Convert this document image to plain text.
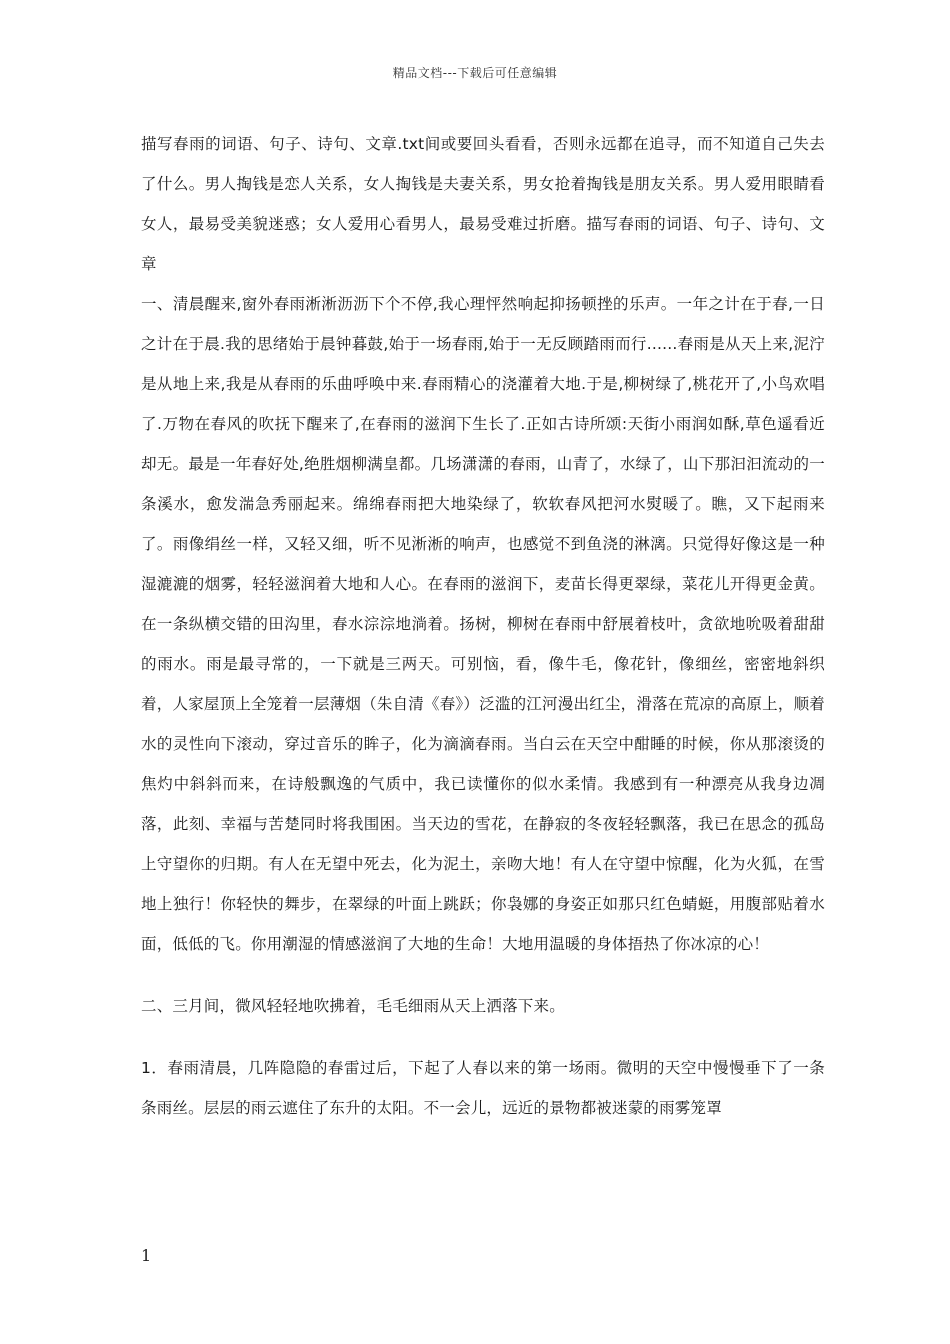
精品文档---下载后可任意编辑

描写春雨的词语、句子、诗句、文章.txt间或要回头看看，否则永远都在追寻，而不知道自己失去了什么。男人掏钱是恋人关系，女人掏钱是夫妻关系，男女抢着掏钱是朋友关系。男人爱用眼睛看女人，最易受美貌迷惑；女人爱用心看男人，最易受难过折磨。描写春雨的词语、句子、诗句、文章

一、清晨醒来,窗外春雨淅淅沥沥下个不停,我心理怦然响起抑扬顿挫的乐声。一年之计在于春,一日之计在于晨.我的思绪始于晨钟暮鼓,始于一场春雨,始于一无反顾踏雨而行......春雨是从天上来,泥泞是从地上来,我是从春雨的乐曲呼唤中来.春雨精心的浇灌着大地.于是,柳树绿了,桃花开了,小鸟欢唱了.万物在春风的吹抚下醒来了,在春雨的滋润下生长了.正如古诗所颂:天街小雨润如酥,草色遥看近却无。最是一年春好处,绝胜烟柳满皇都。几场潇潇的春雨，山青了，水绿了，山下那汩汩流动的一条溪水，愈发湍急秀丽起来。绵绵春雨把大地染绿了，软软春风把河水熨暖了。瞧，又下起雨来了。雨像绢丝一样，又轻又细，听不见淅淅的响声，也感觉不到鱼浇的淋漓。只觉得好像这是一种湿漉漉的烟雾，轻轻滋润着大地和人心。在春雨的滋润下，麦苗长得更翠绿，菜花儿开得更金黄。在一条纵横交错的田沟里，春水淙淙地淌着。扬树，柳树在春雨中舒展着枝叶，贪欲地吮吸着甜甜的雨水。雨是最寻常的，一下就是三两天。可别恼，看，像牛毛，像花针，像细丝，密密地斜织着，人家屋顶上全笼着一层薄烟（朱自清《春》）泛滥的江河漫出红尘，滑落在荒凉的高原上，顺着水的灵性向下滚动，穿过音乐的眸子，化为滴滴春雨。当白云在天空中酣睡的时候，你从那滚烫的焦灼中斜斜而来，在诗般飘逸的气质中，我已读懂你的似水柔情。我感到有一种漂亮从我身边凋落，此刻、幸福与苦楚同时将我围困。当天边的雪花，在静寂的冬夜轻轻飘落，我已在思念的孤岛上守望你的归期。有人在无望中死去，化为泥土，亲吻大地！有人在守望中惊醒，化为火狐，在雪地上独行！你轻快的舞步，在翠绿的叶面上跳跃；你袅娜的身姿正如那只红色蜻蜓，用腹部贴着水面，低低的飞。你用潮湿的情感滋润了大地的生命！大地用温暖的身体捂热了你冰凉的心！

二、三月间，微风轻轻地吹拂着，毛毛细雨从天上洒落下来。

1．春雨清晨，几阵隐隐的春雷过后，下起了人春以来的第一场雨。微明的天空中慢慢垂下了一条条雨丝。层层的雨云遮住了东升的太阳。不一会儿，远近的景物都被迷蒙的雨雾笼罩

1
